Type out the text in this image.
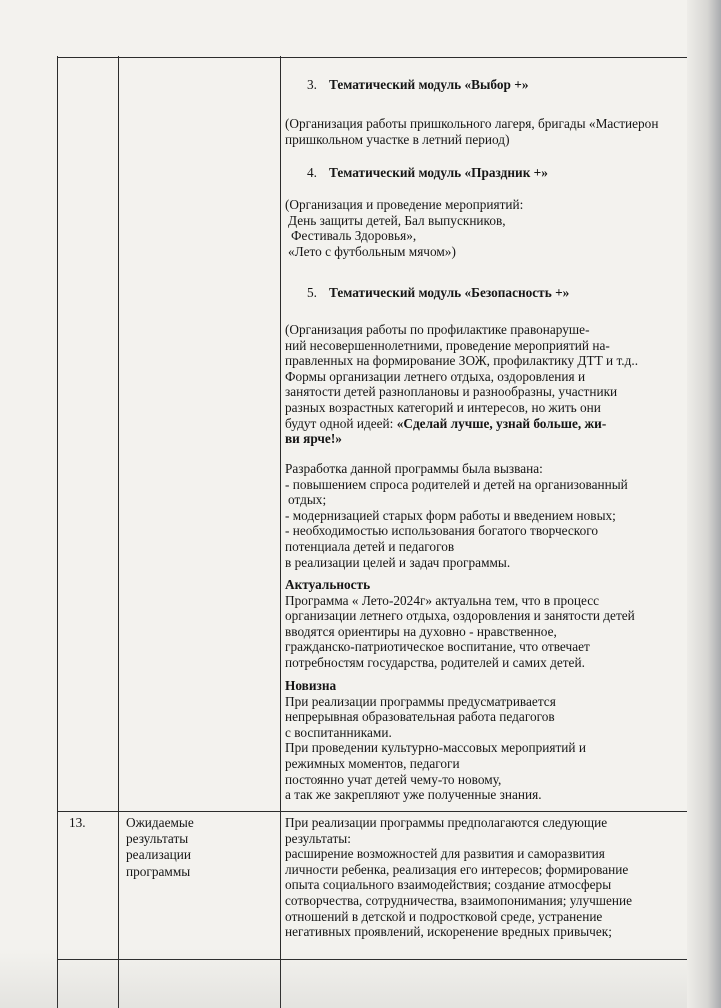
3. Тематический модуль «Выбор +»
(Организация работы пришкольного лагеря, бригады «Мастиерон
пришкольном участке в летний период)
4. Тематический модуль «Праздник +»
(Организация и проведение мероприятий:
День защиты детей, Бал выпускников,
Фестиваль Здоровья»,
«Лето с футбольным мячом»)
5. Тематический модуль «Безопасность +»
(Организация работы по профилактике правонаруше-
ний несовершеннолетними, проведение мероприятий на-
правленных на формирование ЗОЖ, профилактику ДТТ и т.д..
Формы организации летнего отдыха, оздоровления и
занятости детей разноплановы и разнообразны, участники
разных возрастных категорий и интересов, но жить они
будут одной идеей: «Сделай лучше, узнай больше, жи-
ви ярче!»
Разработка данной программы была вызвана:
- повышением спроса родителей и детей на организованный
отдых;
- модернизацией старых форм работы и введением новых;
- необходимостью использования богатого творческого
потенциала детей и педагогов
в реализации целей и задач программы.
Актуальность
Программа « Лето-2024г» актуальна тем, что в процесс
организации летнего отдыха, оздоровления и занятости детей
вводятся ориентиры на духовно - нравственное,
гражданско-патриотическое воспитание, что отвечает
потребностям государства, родителей и самих детей.
Новизна
При реализации программы предусматривается
непрерывная образовательная работа педагогов
с воспитанниками.
При проведении культурно-массовых мероприятий и
режимных моментов, педагоги
постоянно учат детей чему-то новому,
а так же закрепляют уже полученные знания.
13.	Ожидаемые
результаты
реализации
программы
При реализации программы предполагаются следующие
результаты:
расширение возможностей для развития и саморазвития
личности ребенка, реализация его интересов; формирование
опыта социального взаимодействия; создание атмосферы
сотворчества, сотрудничества, взаимопонимания; улучшение
отношений в детской и подростковой среде, устранение
негативных проявлений, искоренение вредных привычек;
